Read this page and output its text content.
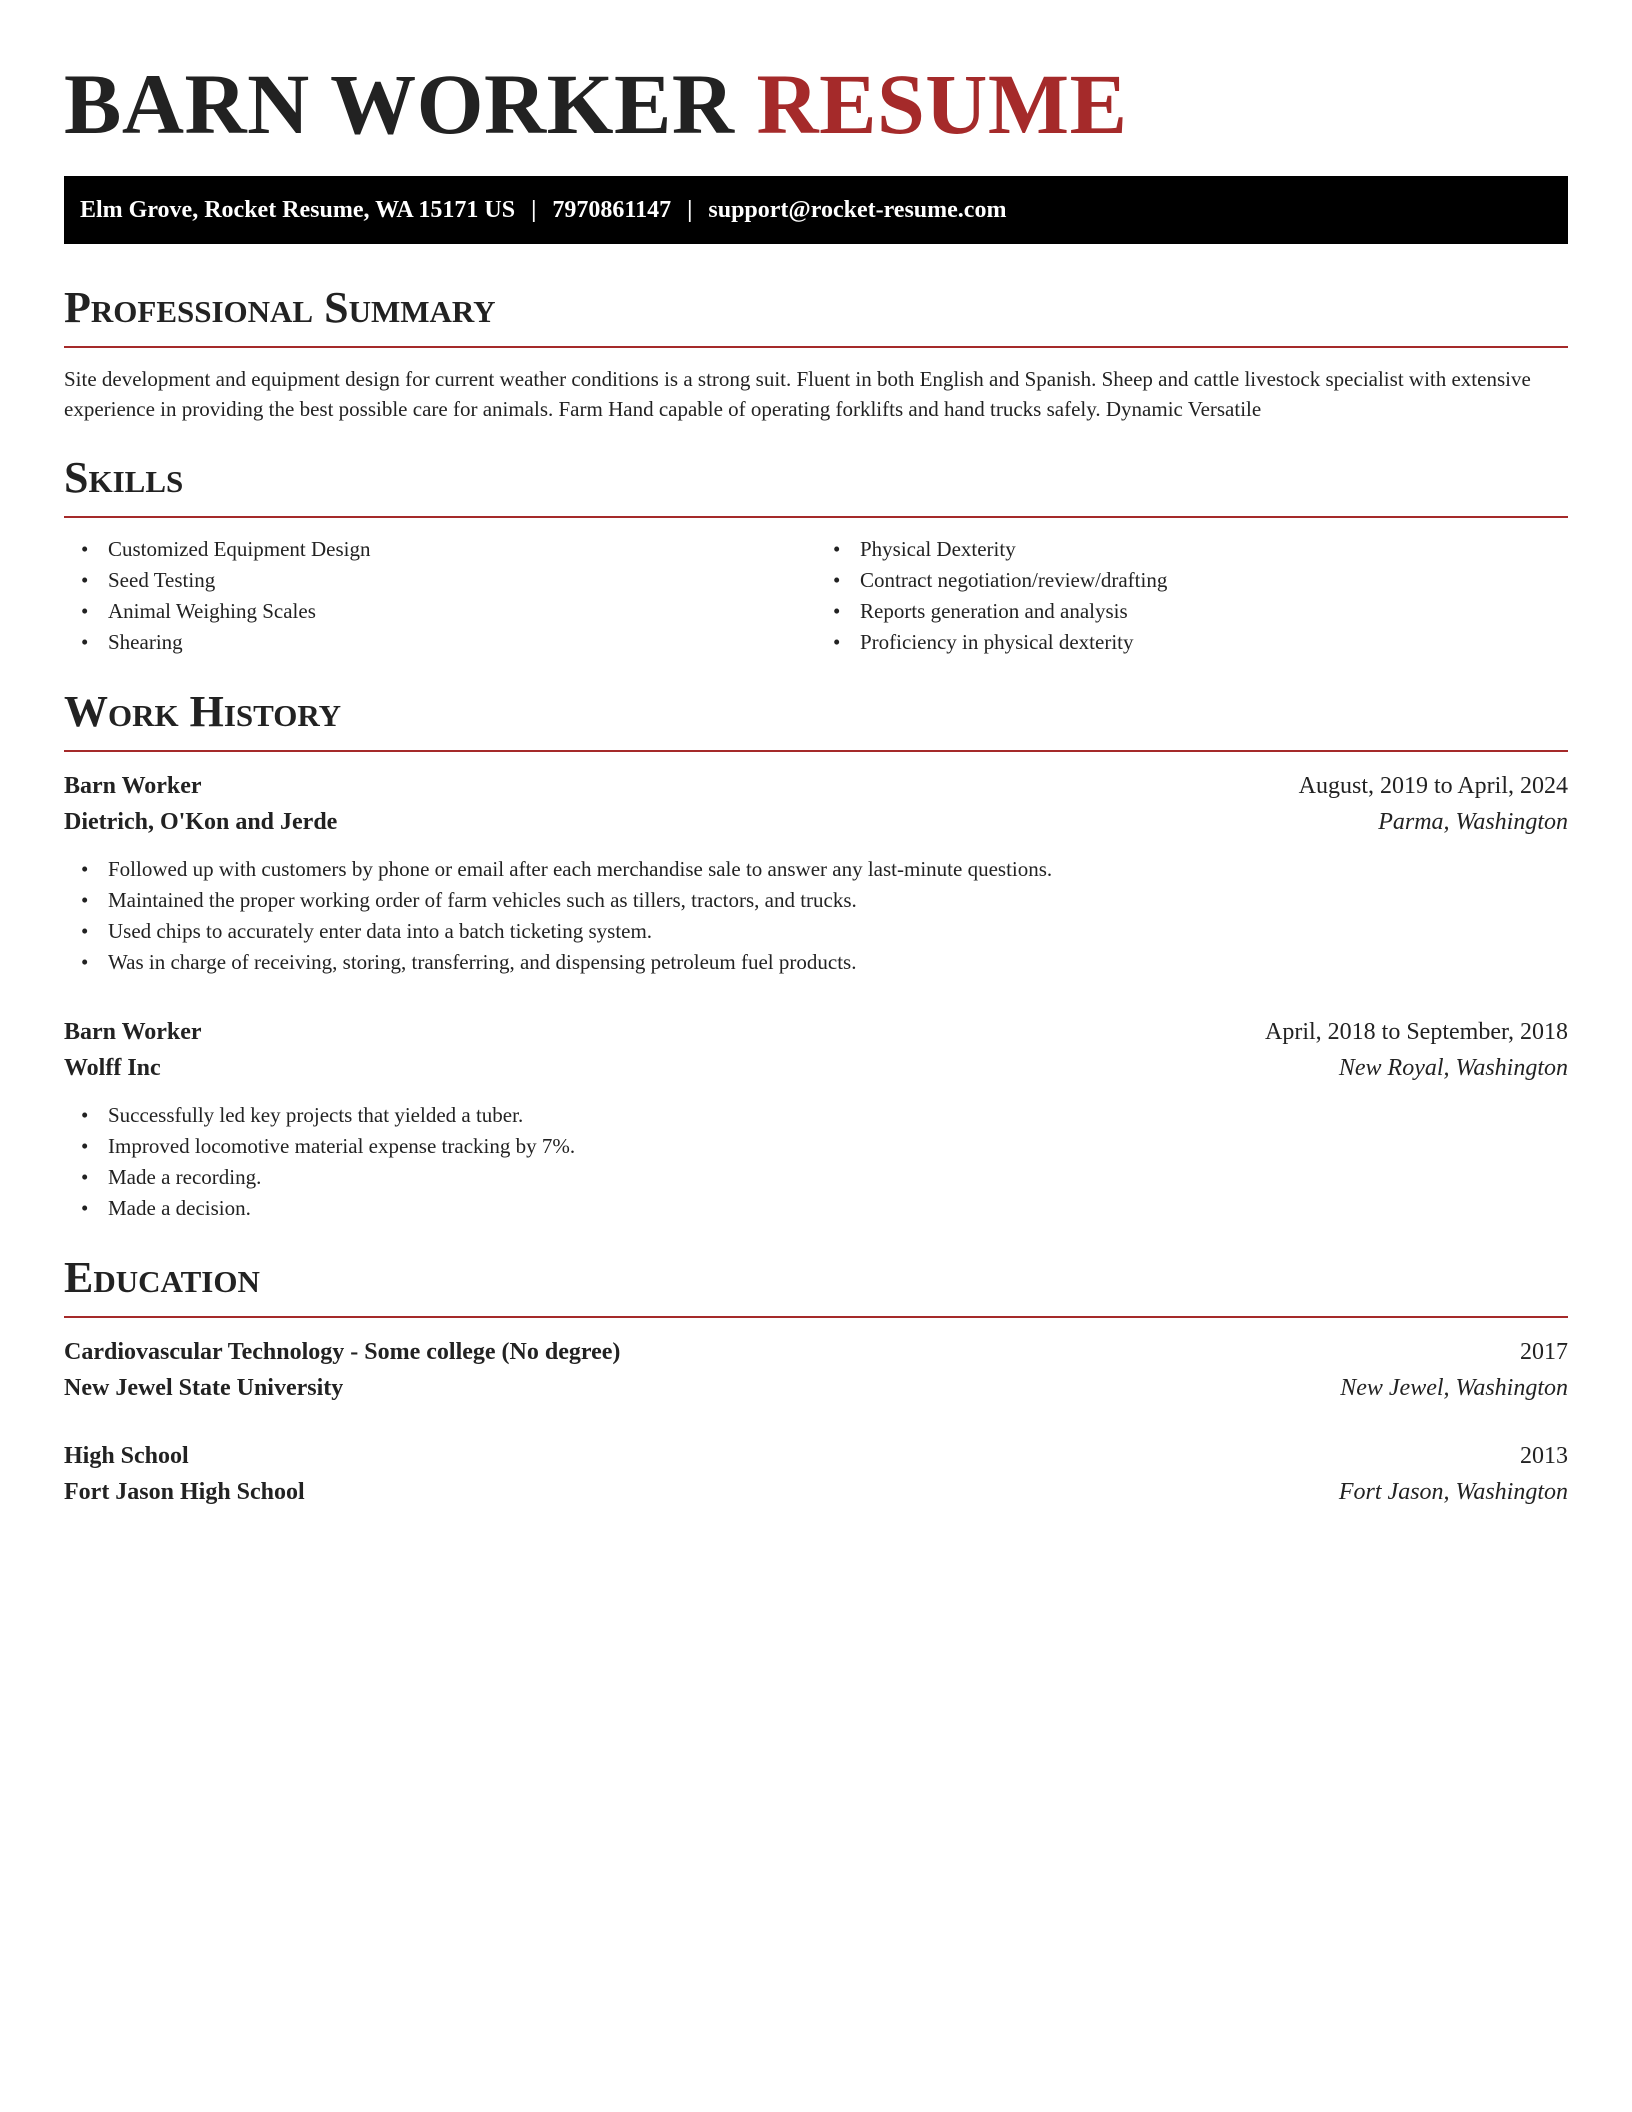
BARN WORKER RESUME
Elm Grove, Rocket Resume, WA 15171 US | 7970861147 | support@rocket-resume.com
Professional Summary

Site development and equipment design for current weather conditions is a strong suit. Fluent in both English and Spanish. Sheep and cattle livestock specialist with extensive experience in providing the best possible care for animals. Farm Hand capable of operating forklifts and hand trucks safely. Dynamic Versatile

Skills
• Customized Equipment Design
• Seed Testing
• Animal Weighing Scales
• Shearing
• Physical Dexterity
• Contract negotiation/review/drafting
• Reports generation and analysis
• Proficiency in physical dexterity
Work History
Barn Worker	August, 2019 to April, 2024
Dietrich, O'Kon and Jerde	Parma, Washington
• Followed up with customers by phone or email after each merchandise sale to answer any last-minute questions.
• Maintained the proper working order of farm vehicles such as tillers, tractors, and trucks.
• Used chips to accurately enter data into a batch ticketing system.
• Was in charge of receiving, storing, transferring, and dispensing petroleum fuel products.
Barn Worker	April, 2018 to September, 2018
Wolff Inc	New Royal, Washington
• Successfully led key projects that yielded a tuber.
• Improved locomotive material expense tracking by 7%.
• Made a recording.
• Made a decision.
Education
Cardiovascular Technology - Some college (No degree)	2017
New Jewel State University	New Jewel, Washington
High School	2013
Fort Jason High School	Fort Jason, Washington
